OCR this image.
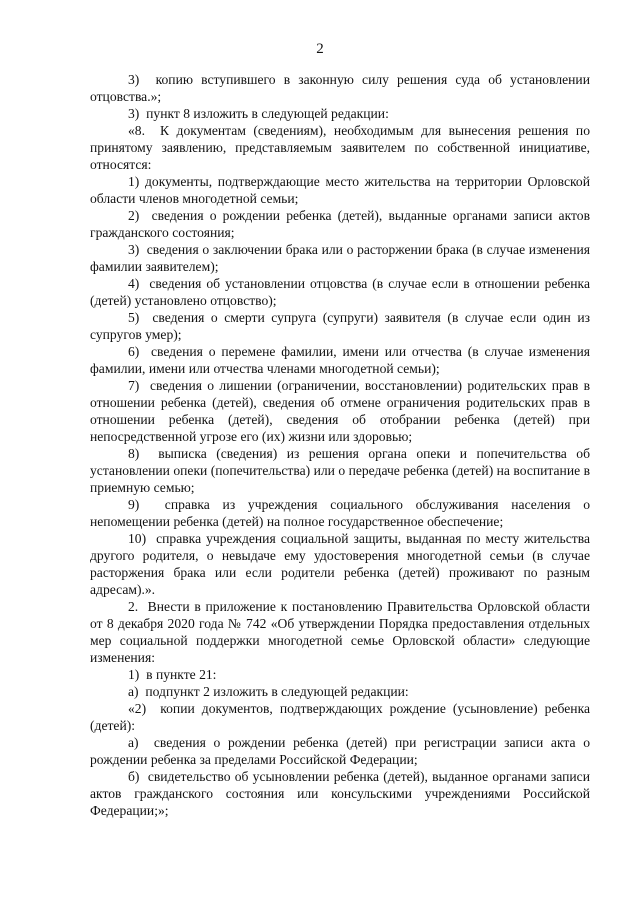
2

3)  копию вступившего в законную силу решения суда об установлении отцовства.»;

3)  пункт 8 изложить в следующей редакции:

«8.  К документам (сведениям), необходимым для вынесения решения по принятому заявлению, представляемым заявителем по собственной инициативе, относятся:

1) документы, подтверждающие место жительства на территории Орловской области членов многодетной семьи;

2)  сведения о рождении ребенка (детей), выданные органами записи актов гражданского состояния;

3)  сведения о заключении брака или о расторжении брака (в случае изменения фамилии заявителем);

4)  сведения об установлении отцовства (в случае если в отношении ребенка (детей) установлено отцовство);

5)  сведения о смерти супруга (супруги) заявителя (в случае если один из супругов умер);

6)  сведения о перемене фамилии, имени или отчества (в случае изменения фамилии, имени или отчества членами многодетной семьи);

7)  сведения о лишении (ограничении, восстановлении) родительских прав в отношении ребенка (детей), сведения об отмене ограничения родительских прав в отношении ребенка (детей), сведения об отобрании ребенка (детей) при непосредственной угрозе его (их) жизни или здоровью;

8)  выписка (сведения) из решения органа опеки и попечительства об установлении опеки (попечительства) или о передаче ребенка (детей) на воспитание в приемную семью;

9)  справка из учреждения социального обслуживания населения о непомещении ребенка (детей) на полное государственное обеспечение;

10)  справка учреждения социальной защиты, выданная по месту жительства другого родителя, о невыдаче ему удостоверения многодетной семьи (в случае расторжения брака или если родители ребенка (детей) проживают по разным адресам).».

2.  Внести в приложение к постановлению Правительства Орловской области от 8 декабря 2020 года № 742 «Об утверждении Порядка предоставления отдельных мер социальной поддержки многодетной семье Орловской области» следующие изменения:

1)  в пункте 21:

а)  подпункт 2 изложить в следующей редакции:

«2)  копии документов, подтверждающих рождение (усыновление) ребенка (детей):

а)  сведения о рождении ребенка (детей) при регистрации записи акта о рождении ребенка за пределами Российской Федерации;

б)  свидетельство об усыновлении ребенка (детей), выданное органами записи актов гражданского состояния или консульскими учреждениями Российской Федерации;»;
